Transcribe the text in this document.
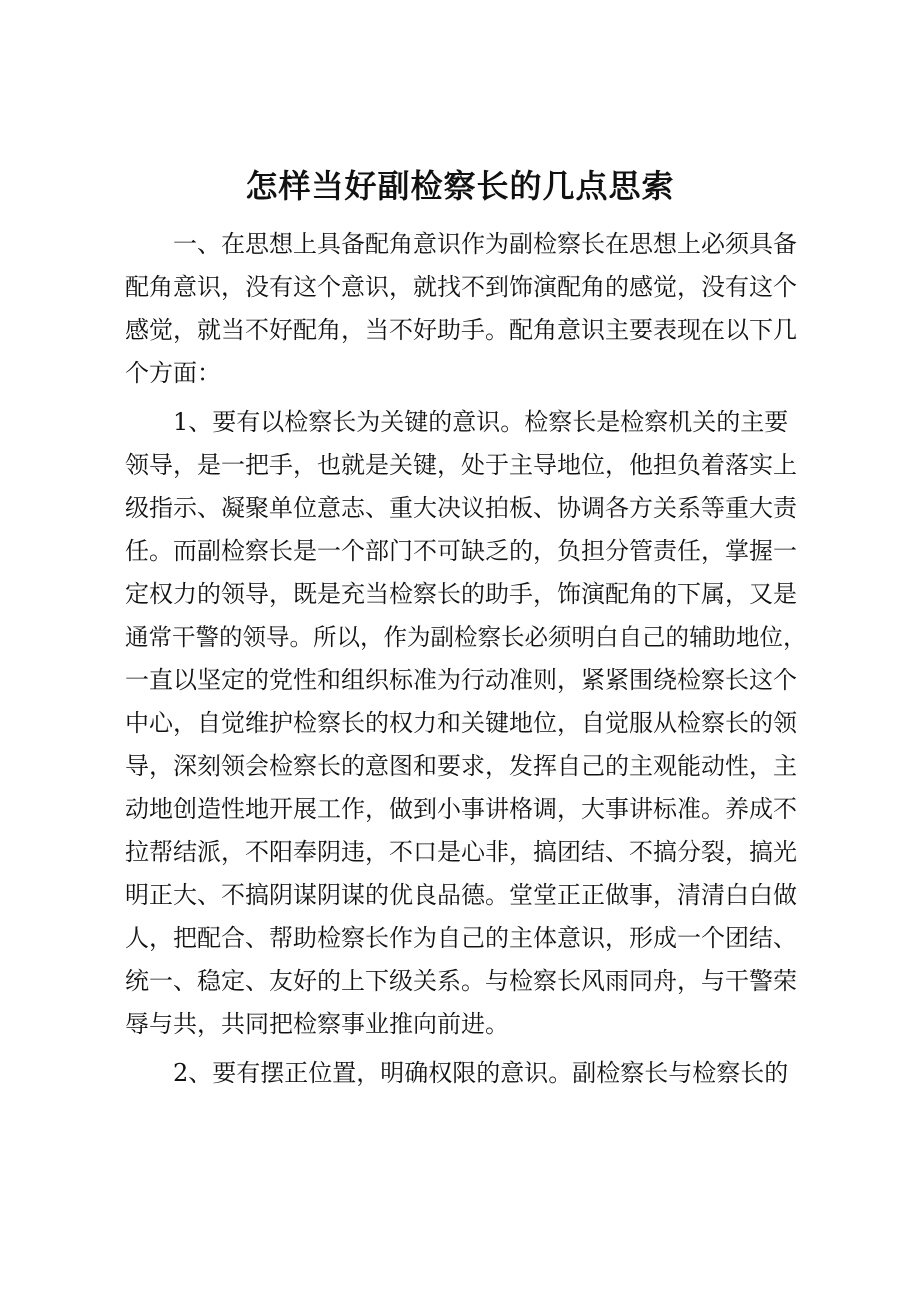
怎样当好副检察长的几点思索
　　一、在思想上具备配角意识作为副检察长在思想上必须具备
配角意识，没有这个意识，就找不到饰演配角的感觉，没有这个
感觉，就当不好配角，当不好助手。配角意识主要表现在以下几
个方面：
　　1、要有以检察长为关键的意识。检察长是检察机关的主要
领导，是一把手，也就是关键，处于主导地位，他担负着落实上
级指示、凝聚单位意志、重大决议拍板、协调各方关系等重大责
任。而副检察长是一个部门不可缺乏的，负担分管责任，掌握一
定权力的领导，既是充当检察长的助手，饰演配角的下属，又是
通常干警的领导。所以，作为副检察长必须明白自己的辅助地位，
一直以坚定的党性和组织标准为行动准则，紧紧围绕检察长这个
中心，自觉维护检察长的权力和关键地位，自觉服从检察长的领
导，深刻领会检察长的意图和要求，发挥自己的主观能动性，主
动地创造性地开展工作，做到小事讲格调，大事讲标准。养成不
拉帮结派，不阳奉阴违，不口是心非，搞团结、不搞分裂，搞光
明正大、不搞阴谋阴谋的优良品德。堂堂正正做事，清清白白做
人，把配合、帮助检察长作为自己的主体意识，形成一个团结、
统一、稳定、友好的上下级关系。与检察长风雨同舟，与干警荣
辱与共，共同把检察事业推向前进。
　　2、要有摆正位置，明确权限的意识。副检察长与检察长的
